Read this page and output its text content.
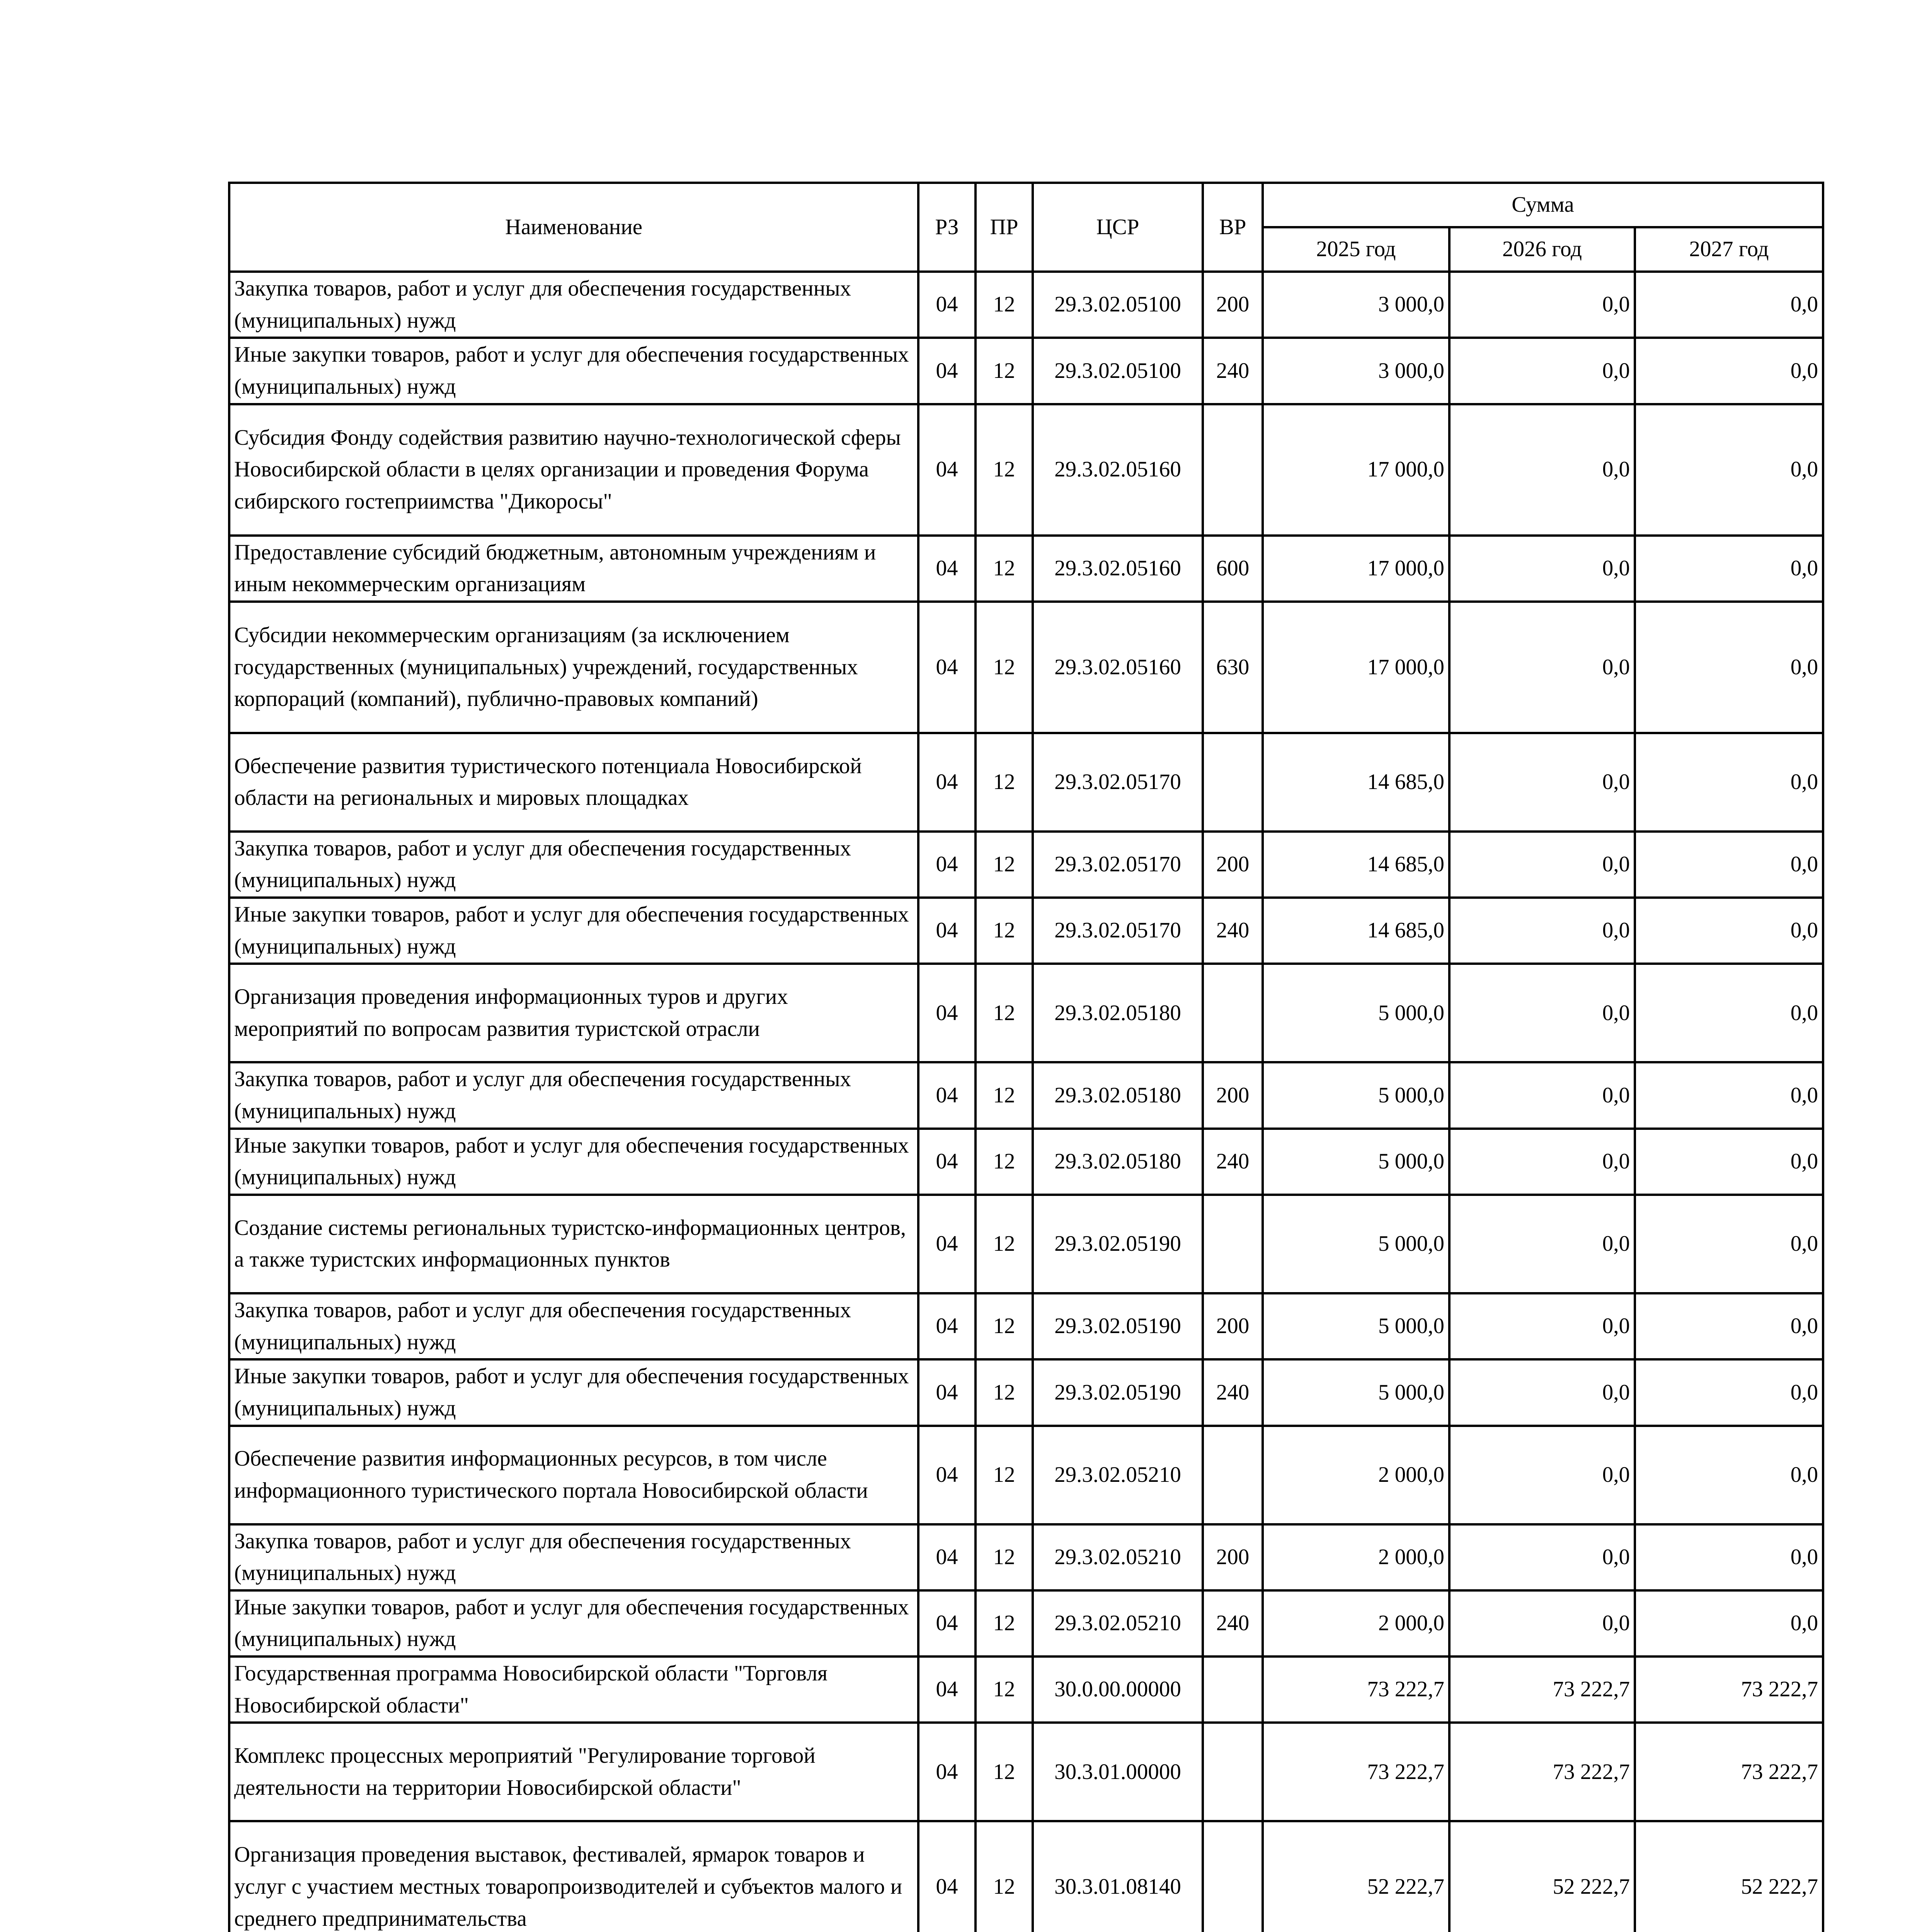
Наименование	РЗ	ПР	ЦСР	ВР	Сумма		
					2025 год	2026 год	2027 год
Закупка товаров, работ и услуг для обеспечения государственных (муниципальных) нужд	04	12	29.3.02.05100	200	3 000,0	0,0	0,0
Иные закупки товаров, работ и услуг для обеспечения государственных (муниципальных) нужд	04	12	29.3.02.05100	240	3 000,0	0,0	0,0
Субсидия Фонду содействия развитию научно-технологической сферы Новосибирской области в целях организации и проведения Форума сибирского гостеприимства "Дикоросы"	04	12	29.3.02.05160		17 000,0	0,0	0,0
Предоставление субсидий бюджетным, автономным учреждениям и иным некоммерческим организациям	04	12	29.3.02.05160	600	17 000,0	0,0	0,0
Субсидии некоммерческим организациям (за исключением государственных (муниципальных) учреждений, государственных корпораций (компаний), публично-правовых компаний)	04	12	29.3.02.05160	630	17 000,0	0,0	0,0
Обеспечение развития туристического потенциала Новосибирской области на региональных и мировых площадках	04	12	29.3.02.05170		14 685,0	0,0	0,0
Закупка товаров, работ и услуг для обеспечения государственных (муниципальных) нужд	04	12	29.3.02.05170	200	14 685,0	0,0	0,0
Иные закупки товаров, работ и услуг для обеспечения государственных (муниципальных) нужд	04	12	29.3.02.05170	240	14 685,0	0,0	0,0
Организация проведения информационных туров и других мероприятий по вопросам развития туристской отрасли	04	12	29.3.02.05180		5 000,0	0,0	0,0
Закупка товаров, работ и услуг для обеспечения государственных (муниципальных) нужд	04	12	29.3.02.05180	200	5 000,0	0,0	0,0
Иные закупки товаров, работ и услуг для обеспечения государственных (муниципальных) нужд	04	12	29.3.02.05180	240	5 000,0	0,0	0,0
Создание системы региональных туристско-информационных центров, а также туристских информационных пунктов	04	12	29.3.02.05190		5 000,0	0,0	0,0
Закупка товаров, работ и услуг для обеспечения государственных (муниципальных) нужд	04	12	29.3.02.05190	200	5 000,0	0,0	0,0
Иные закупки товаров, работ и услуг для обеспечения государственных (муниципальных) нужд	04	12	29.3.02.05190	240	5 000,0	0,0	0,0
Обеспечение развития информационных ресурсов, в том числе информационного туристического портала Новосибирской области	04	12	29.3.02.05210		2 000,0	0,0	0,0
Закупка товаров, работ и услуг для обеспечения государственных (муниципальных) нужд	04	12	29.3.02.05210	200	2 000,0	0,0	0,0
Иные закупки товаров, работ и услуг для обеспечения государственных (муниципальных) нужд	04	12	29.3.02.05210	240	2 000,0	0,0	0,0
Государственная программа Новосибирской области "Торговля Новосибирской области"	04	12	30.0.00.00000		73 222,7	73 222,7	73 222,7
Комплекс процессных мероприятий "Регулирование торговой деятельности на территории Новосибирской области"	04	12	30.3.01.00000		73 222,7	73 222,7	73 222,7
Организация проведения выставок, фестивалей, ярмарок товаров и услуг с участием местных товаропроизводителей и субъектов малого и среднего предпринимательства	04	12	30.3.01.08140		52 222,7	52 222,7	52 222,7
